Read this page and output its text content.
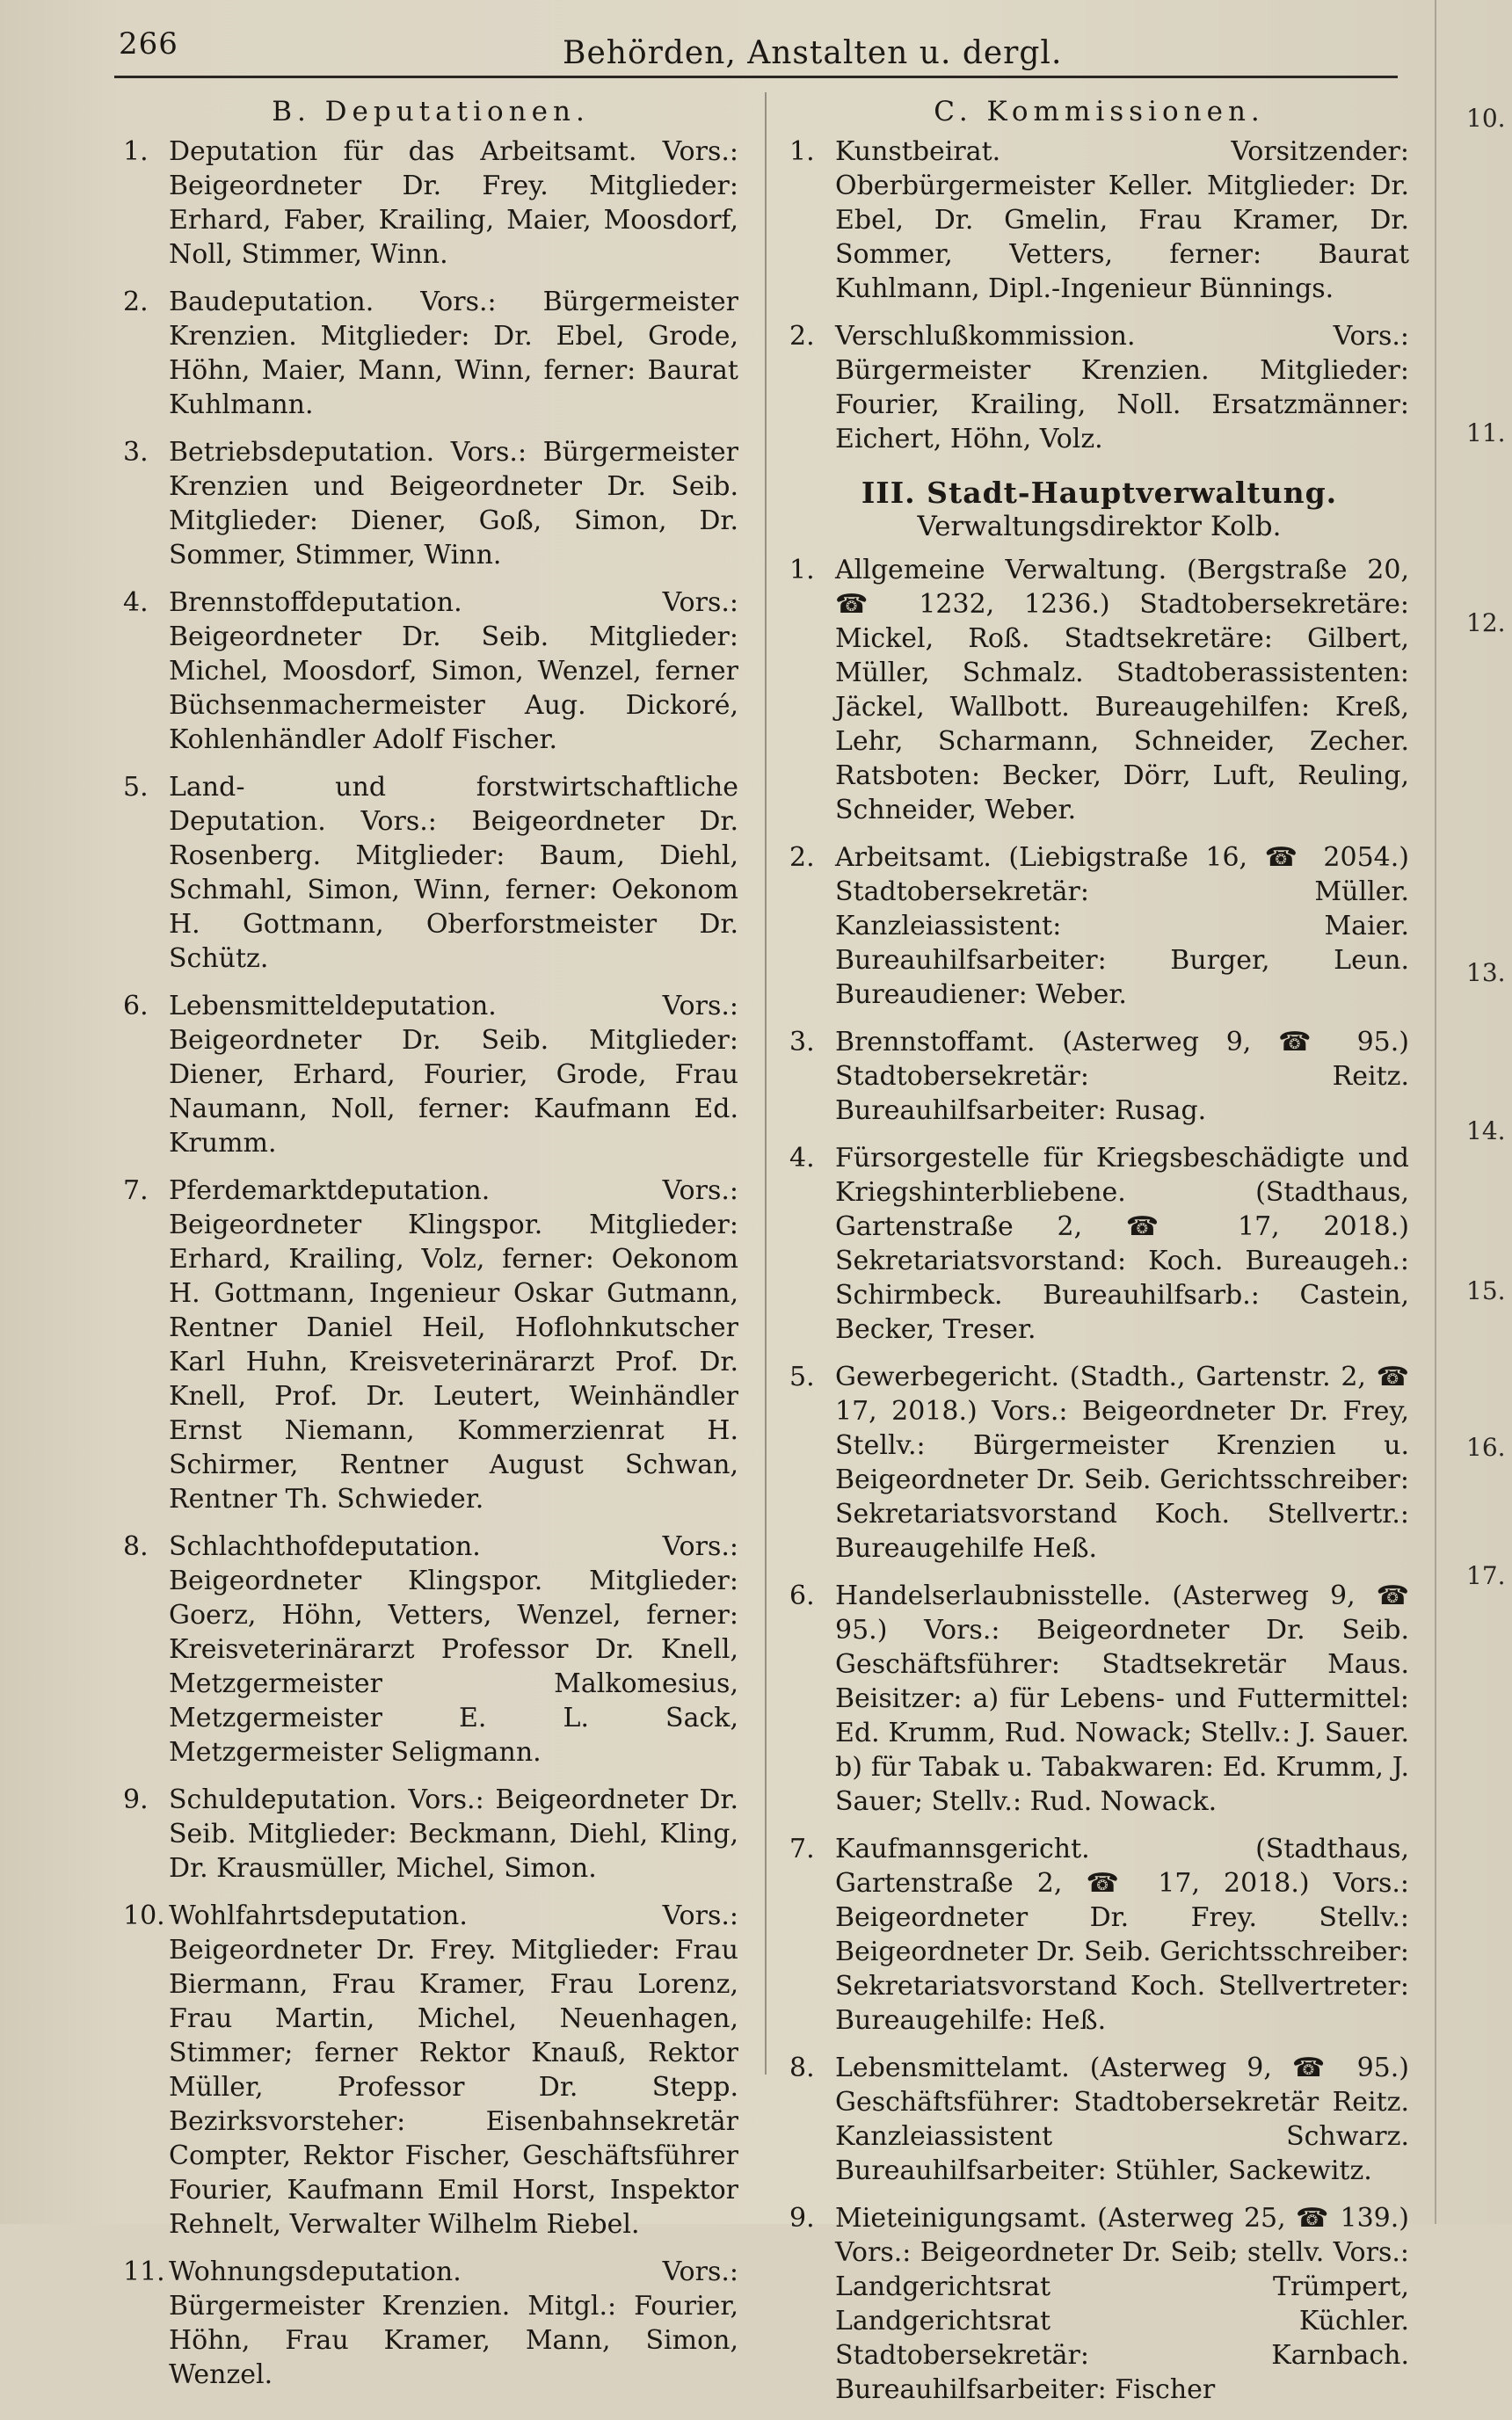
266	Behörden, Anstalten u. dergl.
B. Deputationen.
1. Deputation für das Arbeitsamt. Vors.: Beigeordneter Dr. Frey. Mitglieder: Erhard, Faber, Krailing, Maier, Moosdorf, Noll, Stimmer, Winn.
2. Baudeputation. Vors.: Bürgermeister Krenzien. Mitglieder: Dr. Ebel, Grode, Höhn, Maier, Mann, Winn, ferner: Baurat Kuhlmann.
3. Betriebsdeputation. Vors.: Bürgermeister Krenzien und Beigeordneter Dr. Seib. Mitglieder: Diener, Goß, Simon, Dr. Sommer, Stimmer, Winn.
4. Brennstoffdeputation. Vors.: Beigeordneter Dr. Seib. Mitglieder: Michel, Moosdorf, Simon, Wenzel, ferner Büchsenmachermeister Aug. Dickoré, Kohlenhändler Adolf Fischer.
5. Land- und forstwirtschaftliche Deputation. Vors.: Beigeordneter Dr. Rosenberg. Mitglieder: Baum, Diehl, Schmahl, Simon, Winn, ferner: Oekonom H. Gottmann, Oberforstmeister Dr. Schütz.
6. Lebensmitteldeputation. Vors.: Beigeordneter Dr. Seib. Mitglieder: Diener, Erhard, Fourier, Grode, Frau Naumann, Noll, ferner: Kaufmann Ed. Krumm.
7. Pferdemarktdeputation. Vors.: Beigeordneter Klingspor. Mitglieder: Erhard, Krailing, Volz, ferner: Oekonom H. Gottmann, Ingenieur Oskar Gutmann, Rentner Daniel Heil, Hoflohnkutscher Karl Huhn, Kreisveterinärarzt Prof. Dr. Knell, Prof. Dr. Leutert, Weinhändler Ernst Niemann, Kommerzienrat H. Schirmer, Rentner August Schwan, Rentner Th. Schwieder.
8. Schlachthofdeputation. Vors.: Beigeordneter Klingspor. Mitglieder: Goerz, Höhn, Vetters, Wenzel, ferner: Kreisveterinärarzt Professor Dr. Knell, Metzgermeister Malkomesius, Metzgermeister E. L. Sack, Metzgermeister Seligmann.
9. Schuldeputation. Vors.: Beigeordneter Dr. Seib. Mitglieder: Beckmann, Diehl, Kling, Dr. Krausmüller, Michel, Simon.
10. Wohlfahrtsdeputation. Vors.: Beigeordneter Dr. Frey. Mitglieder: Frau Biermann, Frau Kramer, Frau Lorenz, Frau Martin, Michel, Neuenhagen, Stimmer; ferner Rektor Knauß, Rektor Müller, Professor Dr. Stepp. Bezirksvorsteher: Eisenbahnsekretär Compter, Rektor Fischer, Geschäftsführer Fourier, Kaufmann Emil Horst, Inspektor Rehnelt, Verwalter Wilhelm Riebel.
11. Wohnungsdeputation. Vors.: Bürgermeister Krenzien. Mitgl.: Fourier, Höhn, Frau Kramer, Mann, Simon, Wenzel.
C. Kommissionen.
1. Kunstbeirat. Vorsitzender: Oberbürgermeister Keller. Mitglieder: Dr. Ebel, Dr. Gmelin, Frau Kramer, Dr. Sommer, Vetters, ferner: Baurat Kuhlmann, Dipl.-Ingenieur Bünnings.
2. Verschlußkommission. Vors.: Bürgermeister Krenzien. Mitglieder: Fourier, Krailing, Noll. Ersatzmänner: Eichert, Höhn, Volz.
III. Stadt-Hauptverwaltung.
Verwaltungsdirektor Kolb.
1. Allgemeine Verwaltung. (Bergstraße 20, ☎ 1232, 1236.) Stadtobersekretäre: Mickel, Roß. Stadtsekretäre: Gilbert, Müller, Schmalz. Stadtoberassistenten: Jäckel, Wallbott. Bureaugehilfen: Kreß, Lehr, Scharmann, Schneider, Zecher. Ratsboten: Becker, Dörr, Luft, Reuling, Schneider, Weber.
2. Arbeitsamt. (Liebigstraße 16, ☎ 2054.) Stadtobersekretär: Müller. Kanzleiassistent: Maier. Bureauhilfsarbeiter: Burger, Leun. Bureaudiener: Weber.
3. Brennstoffamt. (Asterweg 9, ☎ 95.) Stadtobersekretär: Reitz. Bureauhilfsarbeiter: Rusag.
4. Fürsorgestelle für Kriegsbeschädigte und Kriegshinterbliebene. (Stadthaus, Gartenstraße 2, ☎ 17, 2018.) Sekretariatsvorstand: Koch. Bureaugeh.: Schirmbeck. Bureauhilfsarb.: Castein, Becker, Treser.
5. Gewerbegericht. (Stadth., Gartenstr. 2, ☎ 17, 2018.) Vors.: Beigeordneter Dr. Frey, Stellv.: Bürgermeister Krenzien u. Beigeordneter Dr. Seib. Gerichtsschreiber: Sekretariatsvorstand Koch. Stellvertr.: Bureaugehilfe Heß.
6. Handelserlaubnisstelle. (Asterweg 9, ☎ 95.) Vors.: Beigeordneter Dr. Seib. Geschäftsführer: Stadtsekretär Maus. Beisitzer: a) für Lebens- und Futtermittel: Ed. Krumm, Rud. Nowack; Stellv.: J. Sauer. b) für Tabak u. Tabakwaren: Ed. Krumm, J. Sauer; Stellv.: Rud. Nowack.
7. Kaufmannsgericht. (Stadthaus, Gartenstraße 2, ☎ 17, 2018.) Vors.: Beigeordneter Dr. Frey. Stellv.: Beigeordneter Dr. Seib. Gerichtsschreiber: Sekretariatsvorstand Koch. Stellvertreter: Bureaugehilfe: Heß.
8. Lebensmittelamt. (Asterweg 9, ☎ 95.) Geschäftsführer: Stadtobersekretär Reitz. Kanzleiassistent Schwarz. Bureauhilfsarbeiter: Stühler, Sackewitz.
9. Mieteinigungsamt. (Asterweg 25, ☎ 139.) Vors.: Beigeordneter Dr. Seib; stellv. Vors.: Landgerichtsrat Trümpert, Landgerichtsrat Küchler. Stadtobersekretär: Karnbach. Bureauhilfsarbeiter: Fischer
10.
11.
12.
13.
14.
15.
16.
17.
